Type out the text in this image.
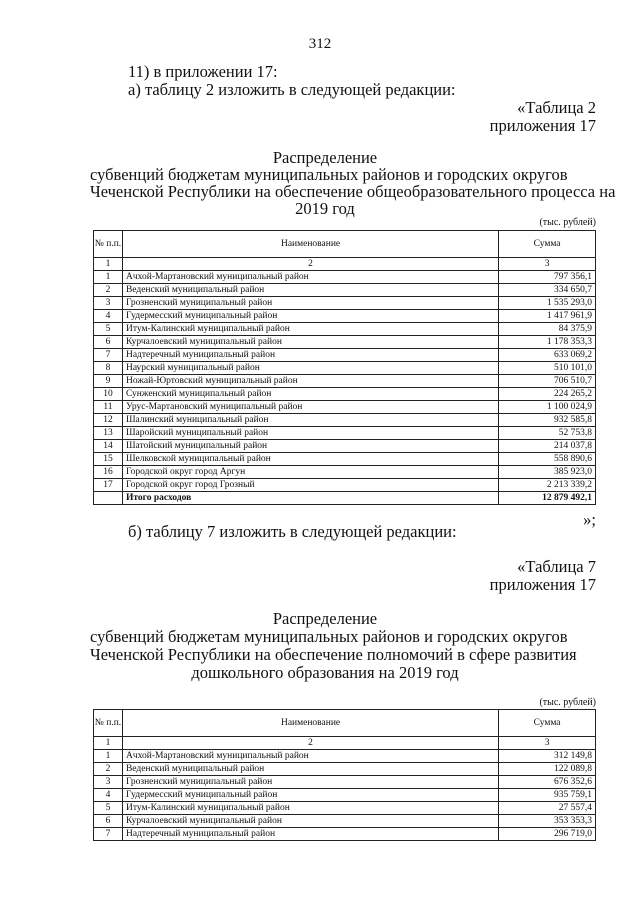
312
11) в приложении 17:
а) таблицу 2 изложить в следующей редакции:
«Таблица 2
приложения 17
Распределение
субвенций бюджетам муниципальных районов и городских округов
Чеченской Республики на обеспечение общеобразовательного процесса на
2019 год
(тыс. рублей)
№ п.п.	Наименование	Сумма
1	2	3
1	Ачхой-Мартановский муниципальный район	797 356,1
2	Веденский муниципальный район	334 650,7
3	Грозненский муниципальный район	1 535 293,0
4	Гудермесский муниципальный район	1 417 961,9
5	Итум-Калинский муниципальный район	84 375,9
6	Курчалоевский муниципальный район	1 178 353,3
7	Надтеречный муниципальный район	633 069,2
8	Наурский муниципальный район	510 101,0
9	Ножай-Юртовский муниципальный район	706 510,7
10	Сунженский муниципальный район	224 265,2
11	Урус-Мартановский муниципальный район	1 100 024,9
12	Шалинский муниципальный район	932 585,8
13	Шаройский муниципальный район	52 753,8
14	Шатойский муниципальный район	214 037,8
15	Шелковской муниципальный район	558 890,6
16	Городской округ город Аргун	385 923,0
17	Городской округ город Грозный	2 213 339,2
	Итого расходов	12 879 492,1
»;
б) таблицу 7 изложить в следующей редакции:
«Таблица 7
приложения 17
Распределение
субвенций бюджетам муниципальных районов и городских округов
Чеченской Республики на обеспечение полномочий в сфере развития
дошкольного образования на 2019 год
(тыс. рублей)
№ п.п.	Наименование	Сумма
1	2	3
1	Ачхой-Мартановский муниципальный район	312 149,8
2	Веденский муниципальный район	122 089,8
3	Грозненский муниципальный район	676 352,6
4	Гудермесский муниципальный район	935 759,1
5	Итум-Калинский муниципальный район	27 557,4
6	Курчалоевский муниципальный район	353 353,3
7	Надтеречный муниципальный район	296 719,0
